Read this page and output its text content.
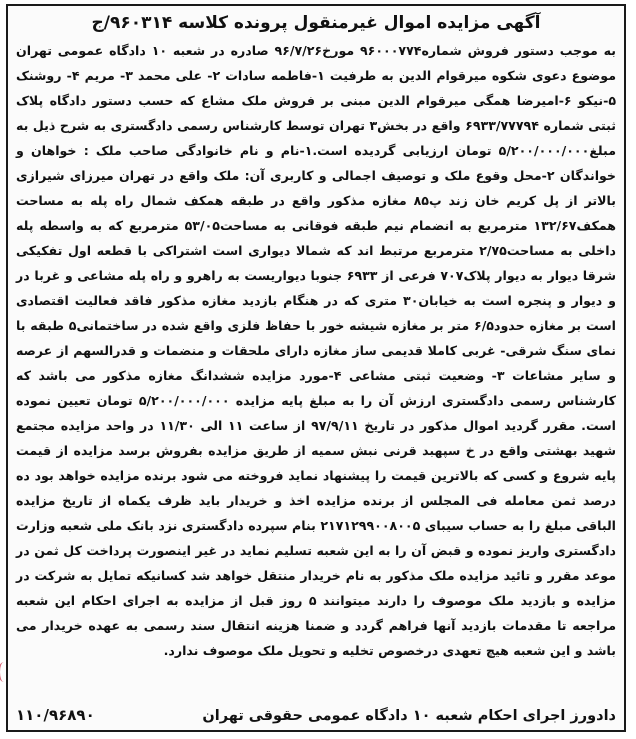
آگهی مزایده اموال غیرمنقول پرونده کلاسه ۹۶۰۳۱۴/ج

به موجب دستور فروش شماره۹۶۰۰۰۷۷۴ مورخ۹۶/۷/۲۶ صادره در شعبه ۱۰ دادگاه عمومی تهران موضوع دعوی شکوه میرقوام الدین به طرفیت ۱-فاطمه سادات ۲- علی محمد ۳- مریم ۴- روشنک ۵-نیکو ۶-امیرضا همگی میرقوام الدین مبنی بر فروش ملک مشاع که حسب دستور دادگاه پلاک ثبتی شماره ۶۹۳۳/۷۷۷۹۴ واقع در بخش۳ تهران توسط کارشناس رسمی دادگستری به شرح ذیل به مبلغ۵/۲۰۰/۰۰۰/۰۰۰ تومان ارزیابی گردیده است.۱-نام و نام خانوادگی صاحب ملک : خواهان و خواندگان ۲-محل وقوع ملک و توصیف اجمالی و کاربری آن: ملک واقع در تهران میرزای شیرازی بالاتر از پل کریم خان زند پ۸۵ مغازه مذکور واقع در طبقه همکف شمال راه پله به مساحت همکف۱۳۲/۶۷ مترمربع به انضمام نیم طبقه فوقانی به مساحت۵۳/۰۵ مترمربع که به واسطه پله داخلی به مساحت۲/۷۵ مترمربع مرتبط اند که شمالا دیواری است اشتراکی با قطعه اول تفکیکی شرقا دیوار به دیوار پلاک۷۰۷ فرعی از ۶۹۳۳ جنوبا دیواریست به راهرو و راه پله مشاعی و غربا در و دیوار و پنجره است به خیابان۳۰ متری که در هنگام بازدید مغازه مذکور فاقد فعالیت اقتصادی است بر مغازه حدود۶/۵ متر بر مغازه شیشه خور با حفاظ فلزی واقع شده در ساختمانی۵ طبقه با نمای سنگ شرقی- غربی کاملا قدیمی ساز مغازه دارای ملحقات و منضمات و قدرالسهم از عرصه و سایر مشاعات ۳- وضعیت ثبتی مشاعی ۴-مورد مزایده ششدانگ مغازه مذکور می باشد که کارشناس رسمی دادگستری ارزش آن را به مبلغ پایه مزایده ۵/۲۰۰/۰۰۰/۰۰۰ تومان تعیین نموده است. مقرر گردید اموال مذکور در تاریخ ۹۷/۹/۱۱ از ساعت ۱۱ الی ۱۱/۳۰ در واحد مزایده مجتمع شهید بهشتی واقع در خ سپهبد قرنی نبش سمیه از طریق مزایده بفروش برسد مزایده از قیمت پایه شروع و کسی که بالاترین قیمت را پیشنهاد نماید فروخته می شود برنده مزایده خواهد بود ده درصد ثمن معامله فی المجلس از برنده مزایده اخذ و خریدار باید ظرف یکماه از تاریخ مزایده الباقی مبلغ را به حساب سیبای ۲۱۷۱۲۹۹۰۰۸۰۰۵ بنام سپرده دادگستری نزد بانک ملی شعبه وزارت دادگستری واریز نموده و قبض آن را به این شعبه تسلیم نماید در غیر اینصورت پرداخت کل ثمن در موعد مقرر و تائید مزایده ملک مذکور به نام خریدار منتقل خواهد شد کسانیکه تمایل به شرکت در مزایده و بازدید ملک موصوف را دارند میتوانند ۵ روز قبل از مزایده به اجرای احکام این شعبه مراجعه تا مقدمات بازدید آنها فراهم گردد و ضمنا هزینه انتقال سند رسمی به عهده خریدار می باشد و این شعبه هیچ تعهدی درخصوص تخلیه و تحویل ملک موصوف ندارد.

۱۱۰/۹۶۸۹۰	دادورز اجرای احکام شعبه ۱۰ دادگاه عمومی حقوقی تهران
